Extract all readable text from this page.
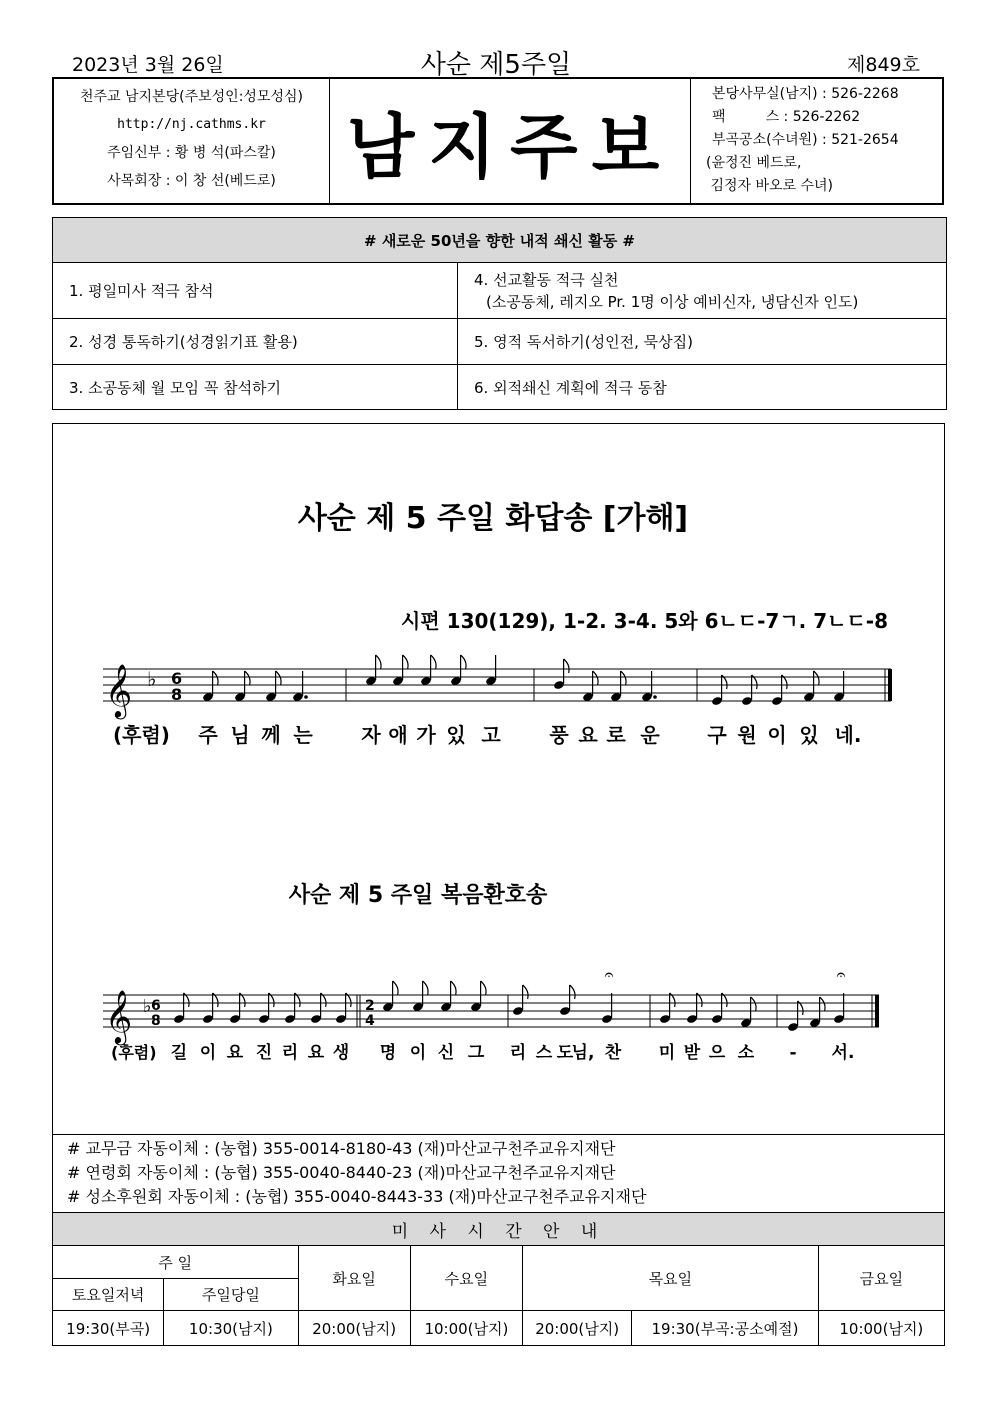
2023년 3월 26일	사순 제5주일	제849호
천주교 남지본당(주보성인:성모성심)
http://nj.cathms.kr
주임신부 : 황 병 석(파스칼)
사목회장 : 이 창 선(베드로)	남지주보
본당사무실(남지) : 526-2268
팩         스 : 526-2262
부곡공소(수녀원) : 521-2654
(윤정진 베드로,
김정자 바오로 수녀)
# 새로운 50년을 향한 내적 쇄신 활동 #	
1. 평일미사 적극 참석	4. 선교활동 적극 실천
(소공동체, 레지오 Pr. 1명 이상 예비신자, 냉담신자 인도)

2. 성경 통독하기(성경읽기표 활용)	5. 영적 독서하기(성인전, 묵상집)
3. 소공동체 월 모임 꼭 참석하기	6. 외적쇄신 계획에 적극 동참
사순 제 5 주일 화답송 [가해]
시편 130(129), 1-2. 3-4. 5와 6ㄴㄷ-7ㄱ. 7ㄴㄷ-8
𝄞 ♭ 6
8
(후렴) 주 님 께 는 자 애 가 있 고 풍 요 로 운 구 원 이 있 네.
사순 제 5 주일 복음환호송
𝄞 ♭ 6
8
2
4
𝄐	𝄐
(후렴) 길 이 요 진 리 요 생 명 이 신 그 리 스 도
님, 찬 미 받 으 소 - 서.
# 교무금 자동이체 : (농협) 355-0014-8180-43 (재)마산교구천주교유지재단
# 연령회 자동이체 : (농협) 355-0040-8440-23 (재)마산교구천주교유지재단
# 성소후원회 자동이체 : (농협) 355-0040-8443-33 (재)마산교구천주교유지재단
미 사 시 간 안 내						
주 일		화요일	수요일	목요일		금요일
토요일저녁	주일당일					
19:30(부곡)	10:30(남지)	20:00(남지)	10:00(남지)	20:00(남지)	19:30(부곡:공소예절)	10:00(남지)
